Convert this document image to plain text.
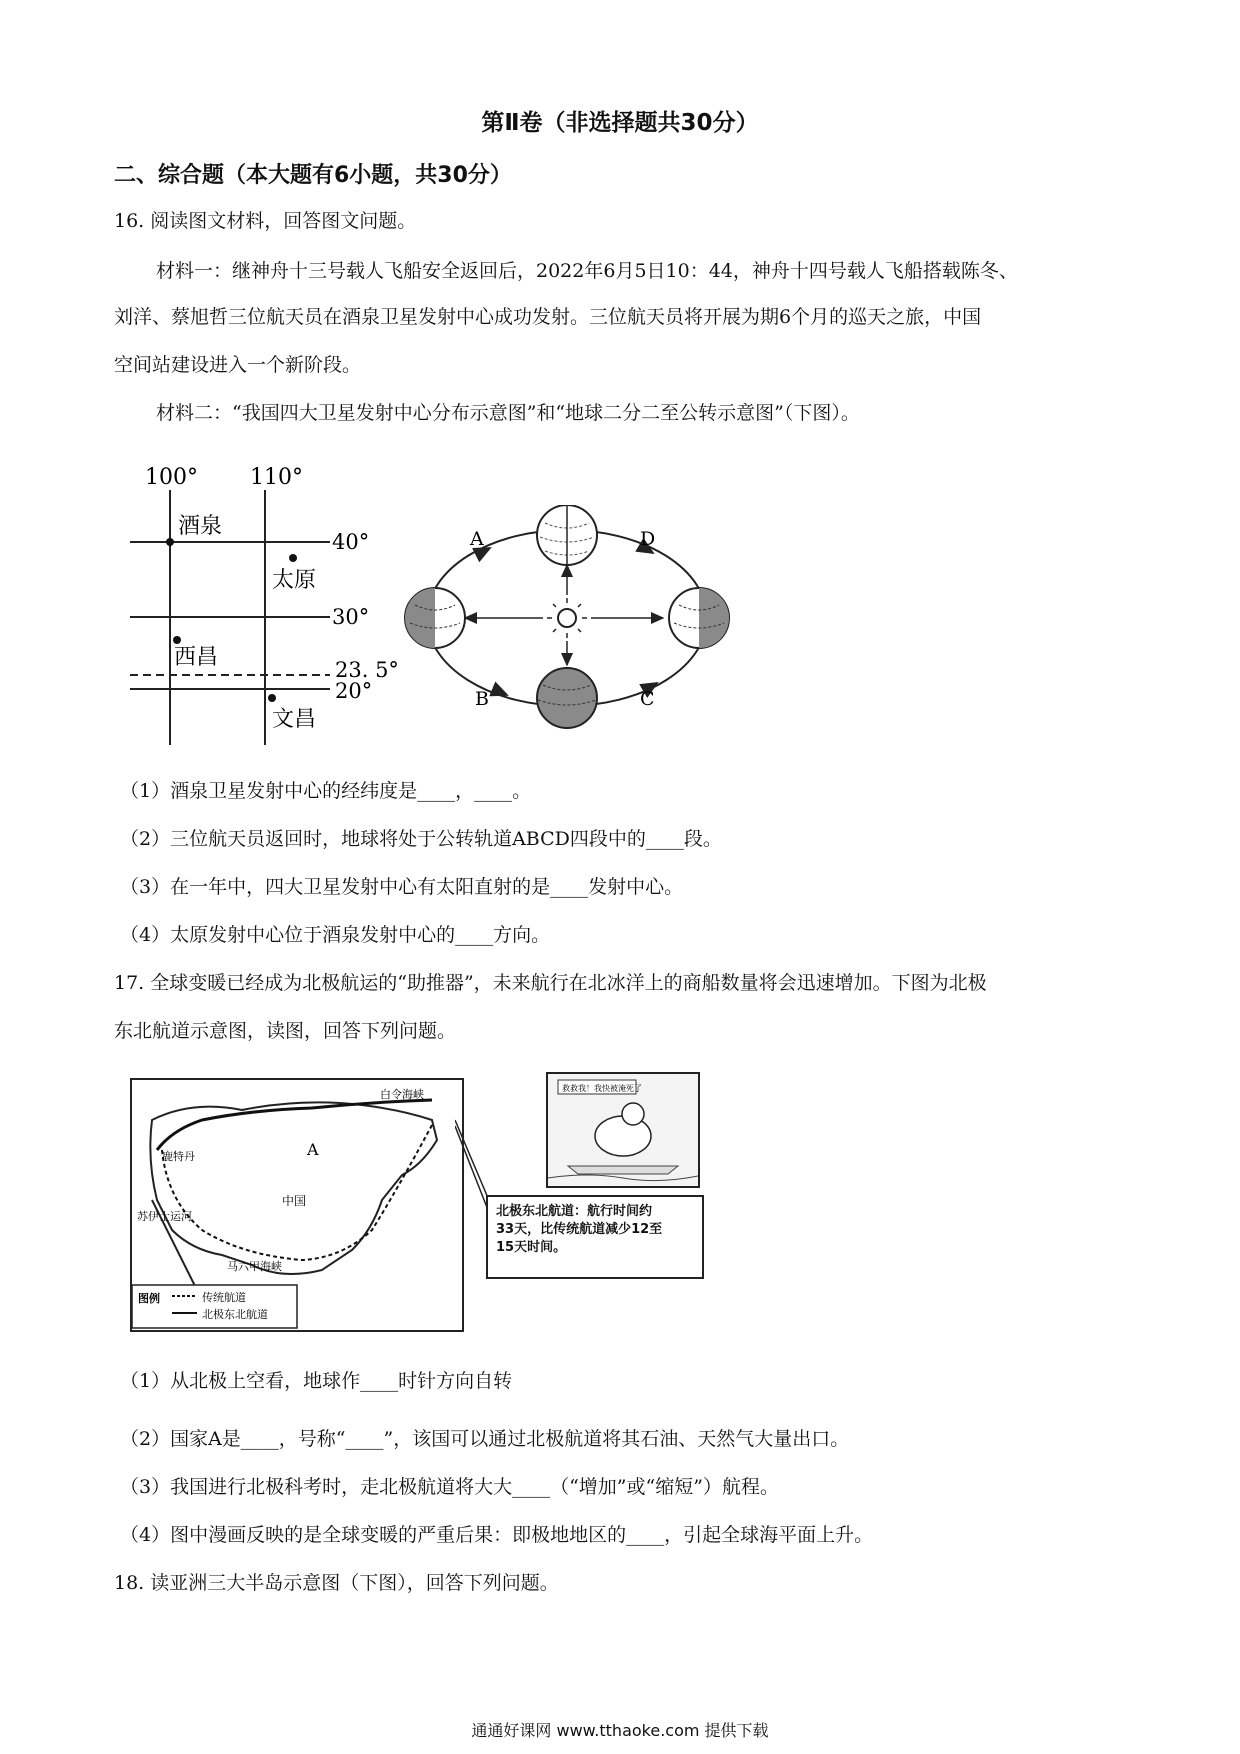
第Ⅱ卷（非选择题共30分）
二、综合题（本大题有6小题，共30分）
16. 阅读图文材料，回答图文问题。
材料一：继神舟十三号载人飞船安全返回后，2022年6月5日10：44，神舟十四号载人飞船搭载陈冬、
刘洋、蔡旭哲三位航天员在酒泉卫星发射中心成功发射。三位航天员将开展为期6个月的巡天之旅，中国
空间站建设进入一个新阶段。
材料二：“我国四大卫星发射中心分布示意图”和“地球二分二至公转示意图”（下图）。
100° 110°
40°
30°
23. 5°
20°
酒泉
太原
西昌
文昌
A
B	C
D
（1）酒泉卫星发射中心的经纬度是____，____。
（2）三位航天员返回时，地球将处于公转轨道ABCD四段中的____段。
（3）在一年中，四大卫星发射中心有太阳直射的是____发射中心。
（4）太原发射中心位于酒泉发射中心的____方向。
17. 全球变暖已经成为北极航运的“助推器”，未来航行在北冰洋上的商船数量将会迅速增加。下图为北极
东北航道示意图，读图，回答下列问题。
白令海峡
A
鹿特丹
中国
苏伊士运河
马六甲海峡
图例	传统航道
北极东北航道
救救我！我快被淹死了
北极东北航道：航行时间约
33天，比传统航道减少12至
15天时间。
（1）从北极上空看，地球作____时针方向自转
（2）国家A是____，号称“____”，该国可以通过北极航道将其石油、天然气大量出口。
（3）我国进行北极科考时，走北极航道将大大____（“增加”或“缩短”）航程。
（4）图中漫画反映的是全球变暖的严重后果：即极地地区的____，引起全球海平面上升。
18. 读亚洲三大半岛示意图（下图），回答下列问题。
通通好课网 www.tthaoke.com 提供下载
